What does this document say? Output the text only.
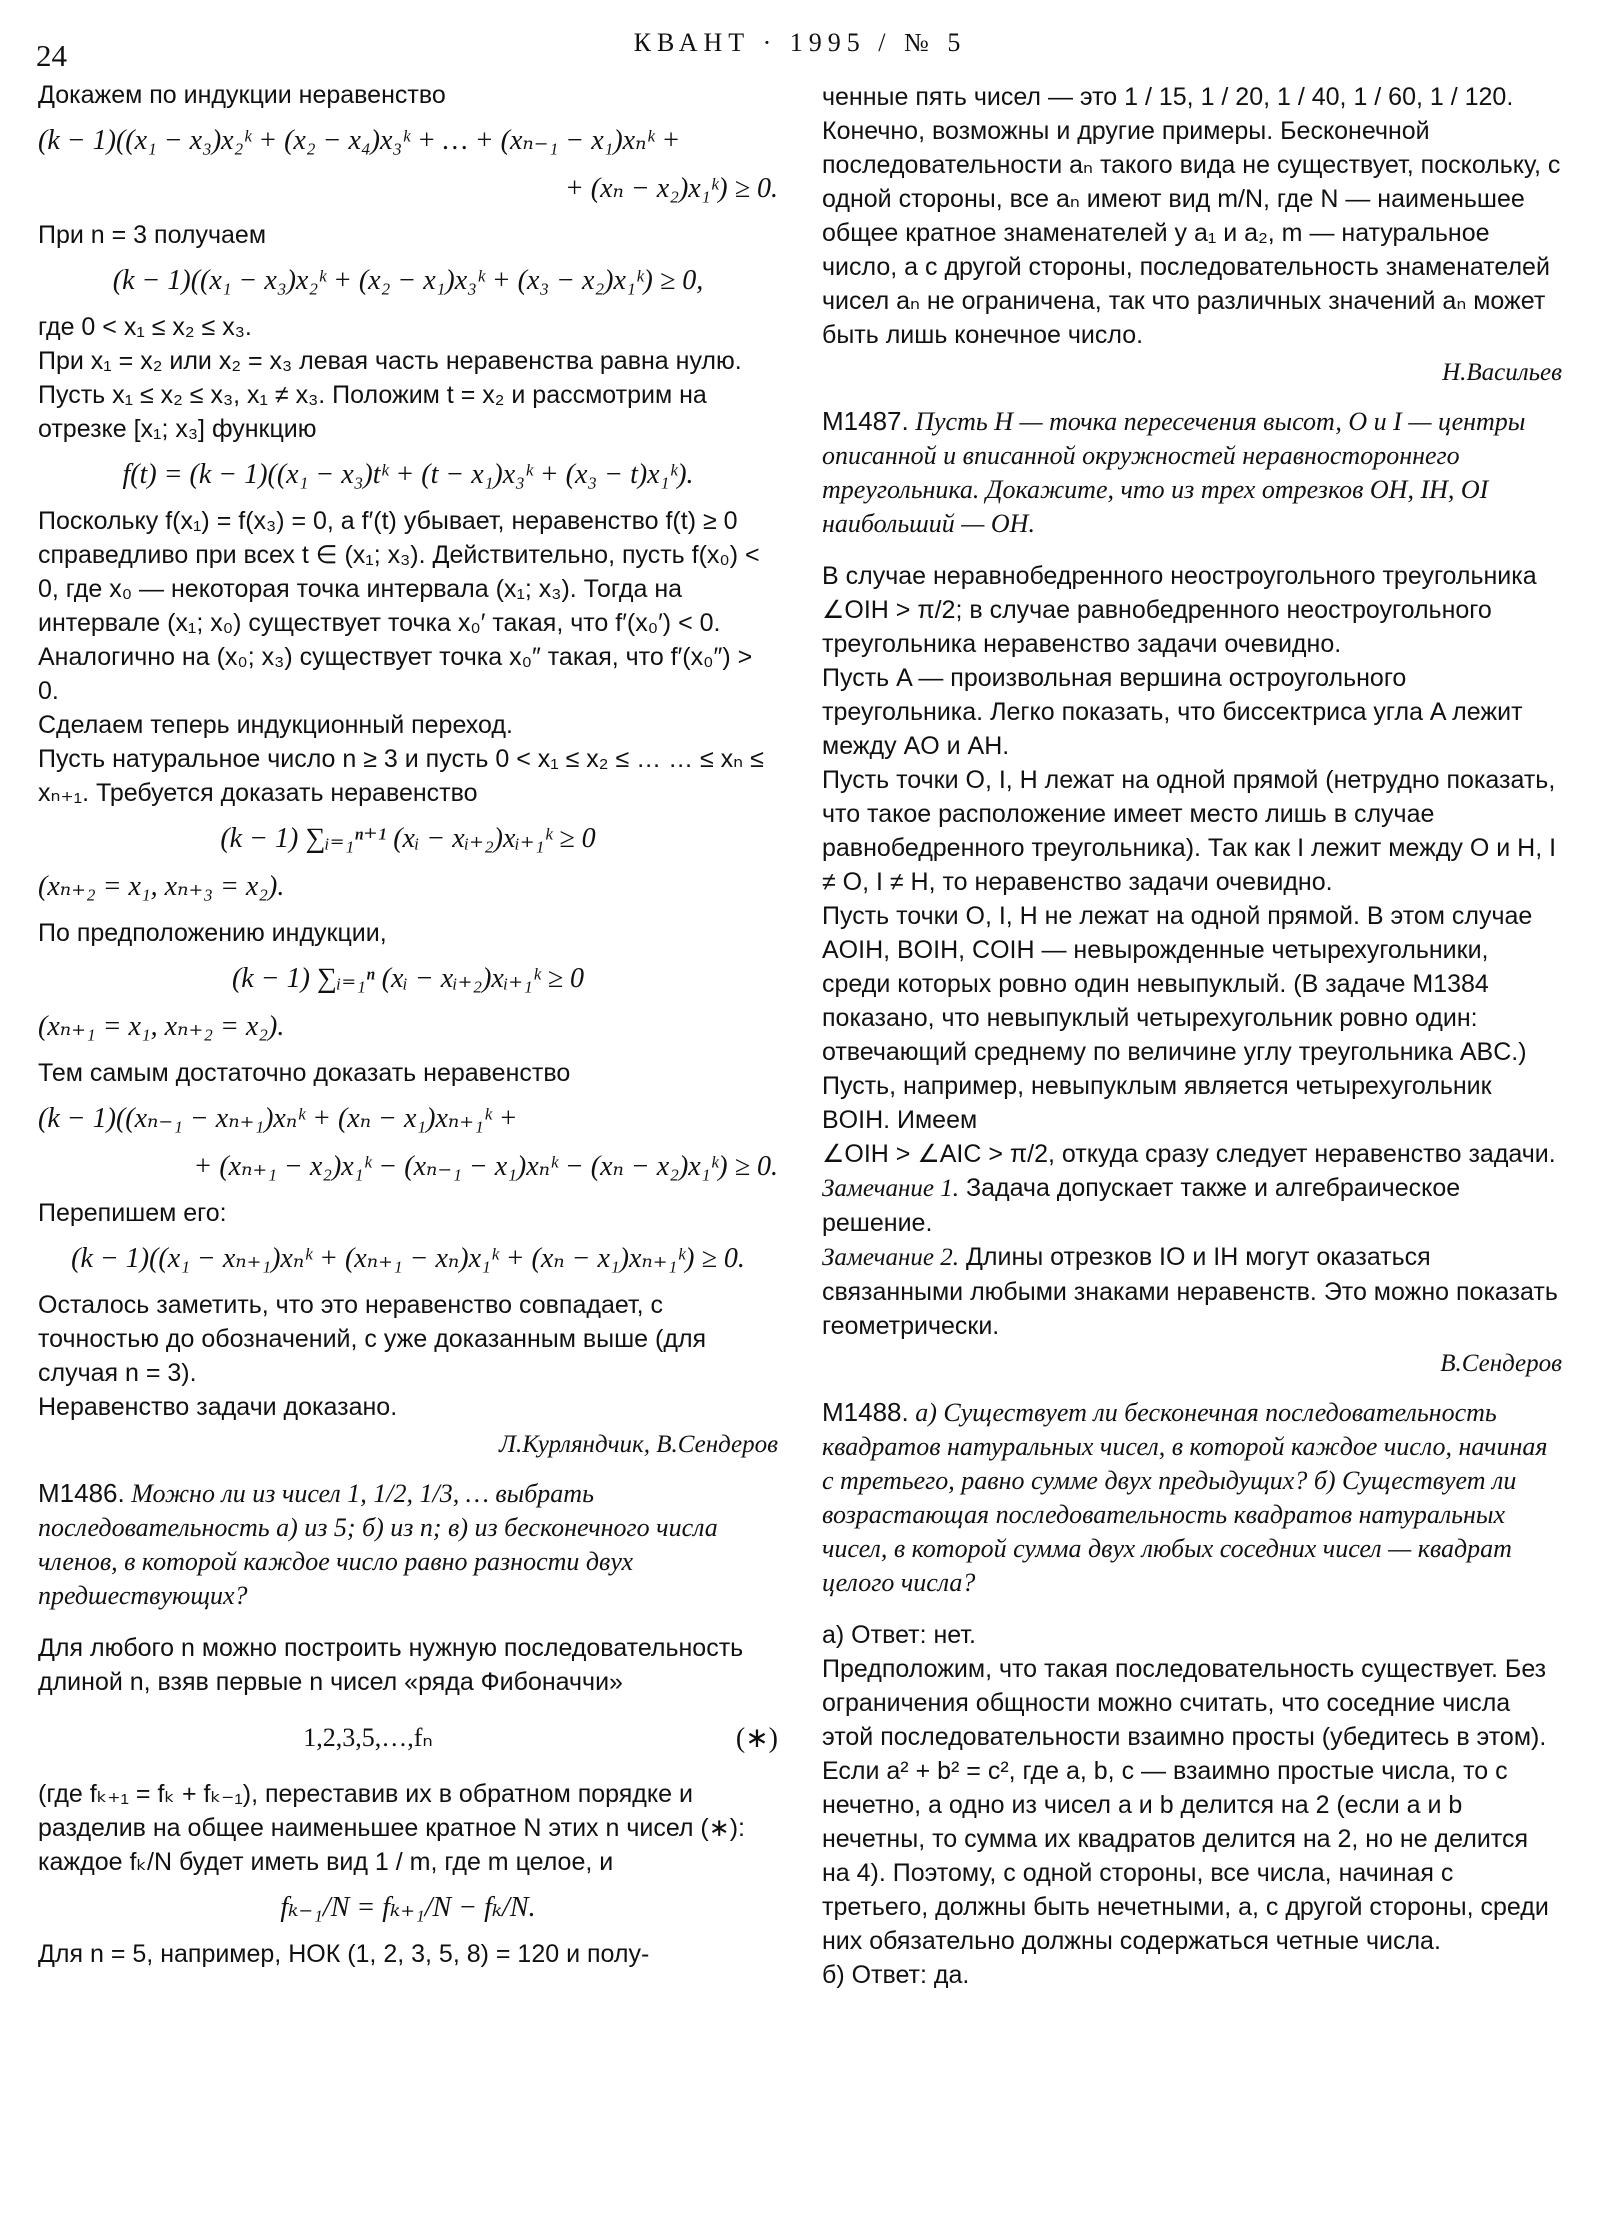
24	КВАНТ · 1995 / № 5

Докажем по индукции неравенство

(k − 1)((x₁ − x₃)x₂ᵏ + (x₂ − x₄)x₃ᵏ + … + (xₙ₋₁ − x₁)xₙᵏ +
+ (xₙ − x₂)x₁ᵏ) ≥ 0.

При n = 3 получаем

(k − 1)((x₁ − x₃)x₂ᵏ + (x₂ − x₁)x₃ᵏ + (x₃ − x₂)x₁ᵏ) ≥ 0,

где 0 < x₁ ≤ x₂ ≤ x₃.

При x₁ = x₂ или x₂ = x₃ левая часть неравенства равна нулю. Пусть x₁ ≤ x₂ ≤ x₃, x₁ ≠ x₃. Положим t = x₂ и рассмотрим на отрезке [x₁; x₃] функцию

f(t) = (k − 1)((x₁ − x₃)tᵏ + (t − x₁)x₃ᵏ + (x₃ − t)x₁ᵏ).

Поскольку f(x₁) = f(x₃) = 0, а f′(t) убывает, неравенство f(t) ≥ 0 справедливо при всех t ∈ (x₁; x₃). Действительно, пусть f(x₀) < 0, где x₀ — некоторая точка интервала (x₁; x₃). Тогда на интервале (x₁; x₀) существует точка x₀′ такая, что f′(x₀′) < 0. Аналогично на (x₀; x₃) существует точка x₀″ такая, что f′(x₀″) > 0.

Сделаем теперь индукционный переход.

Пусть натуральное число n ≥ 3 и пусть 0 < x₁ ≤ x₂ ≤ … … ≤ xₙ ≤ xₙ₊₁. Требуется доказать неравенство

(k − 1) ∑ᵢ₌₁ⁿ⁺¹ (xᵢ − xᵢ₊₂)xᵢ₊₁ᵏ ≥ 0
(xₙ₊₂ = x₁, xₙ₊₃ = x₂).

По предположению индукции,

(k − 1) ∑ᵢ₌₁ⁿ (xᵢ − xᵢ₊₂)xᵢ₊₁ᵏ ≥ 0
(xₙ₊₁ = x₁, xₙ₊₂ = x₂).

Тем самым достаточно доказать неравенство

(k − 1)((xₙ₋₁ − xₙ₊₁)xₙᵏ + (xₙ − x₁)xₙ₊₁ᵏ +
+ (xₙ₊₁ − x₂)x₁ᵏ − (xₙ₋₁ − x₁)xₙᵏ − (xₙ − x₂)x₁ᵏ) ≥ 0.

Перепишем его:

(k − 1)((x₁ − xₙ₊₁)xₙᵏ + (xₙ₊₁ − xₙ)x₁ᵏ + (xₙ − x₁)xₙ₊₁ᵏ) ≥ 0.

Осталось заметить, что это неравенство совпадает, с точностью до обозначений, с уже доказанным выше (для случая n = 3).

Неравенство задачи доказано.

Л.Курляндчик, В.Сендеров
М1486. Можно ли из чисел 1, 1/2, 1/3, … выбрать последовательность а) из 5; б) из n; в) из бесконечного числа членов, в которой каждое число равно разности двух предшествующих?

Для любого n можно построить нужную последовательность длиной n, взяв первые n чисел «ряда Фибоначчи»

1,2,3,5,…,fₙ	(∗)

(где fₖ₊₁ = fₖ + fₖ₋₁), переставив их в обратном порядке и разделив на общее наименьшее кратное N этих n чисел (∗): каждое fₖ/N будет иметь вид 1 / m, где m целое, и

fₖ₋₁/N = fₖ₊₁/N − fₖ/N.

Для n = 5, например, НОК (1, 2, 3, 5, 8) = 120 и полу-

ченные пять чисел — это 1 / 15, 1 / 20, 1 / 40, 1 / 60, 1 / 120. Конечно, возможны и другие примеры. Бесконечной последовательности aₙ такого вида не существует, поскольку, с одной стороны, все aₙ имеют вид m/N, где N — наименьшее общее кратное знаменателей у a₁ и a₂, m — натуральное число, а с другой стороны, последовательность знаменателей чисел aₙ не ограничена, так что различных значений aₙ может быть лишь конечное число.

Н.Васильев
М1487. Пусть H — точка пересечения высот, O и I — центры описанной и вписанной окружностей неравностороннего треугольника. Докажите, что из трех отрезков OH, IH, OI наибольший — OH.

В случае неравнобедренного неостроугольного треугольника ∠OIH > π/2; в случае равнобедренного неостроугольного треугольника неравенство задачи очевидно.

Пусть A — произвольная вершина остроугольного треугольника. Легко показать, что биссектриса угла A лежит между AO и AH.

Пусть точки O, I, H лежат на одной прямой (нетрудно показать, что такое расположение имеет место лишь в случае равнобедренного треугольника). Так как I лежит между O и H, I ≠ O, I ≠ H, то неравенство задачи очевидно.

Пусть точки O, I, H не лежат на одной прямой. В этом случае AOIH, BOIH, COIH — невырожденные четырехугольники, среди которых ровно один невыпуклый. (В задаче М1384 показано, что невыпуклый четырехугольник ровно один: отвечающий среднему по величине углу треугольника ABC.) Пусть, например, невыпуклым является четырехугольник BOIH. Имеем

∠OIH > ∠AIC > π/2, откуда сразу следует неравенство задачи.

Замечание 1. Задача допускает также и алгебраическое решение.

Замечание 2. Длины отрезков IO и IH могут оказаться связанными любыми знаками неравенств. Это можно показать геометрически.

В.Сендеров
М1488. а) Существует ли бесконечная последовательность квадратов натуральных чисел, в которой каждое число, начиная с третьего, равно сумме двух предыдущих? б) Существует ли возрастающая последовательность квадратов натуральных чисел, в которой сумма двух любых соседних чисел — квадрат целого числа?

а) Ответ: нет.

Предположим, что такая последовательность существует. Без ограничения общности можно считать, что соседние числа этой последовательности взаимно просты (убедитесь в этом).

Если a² + b² = c², где a, b, c — взаимно простые числа, то c нечетно, а одно из чисел a и b делится на 2 (если a и b нечетны, то сумма их квадратов делится на 2, но не делится на 4). Поэтому, с одной стороны, все числа, начиная с третьего, должны быть нечетными, а, с другой стороны, среди них обязательно должны содержаться четные числа.

б) Ответ: да.
